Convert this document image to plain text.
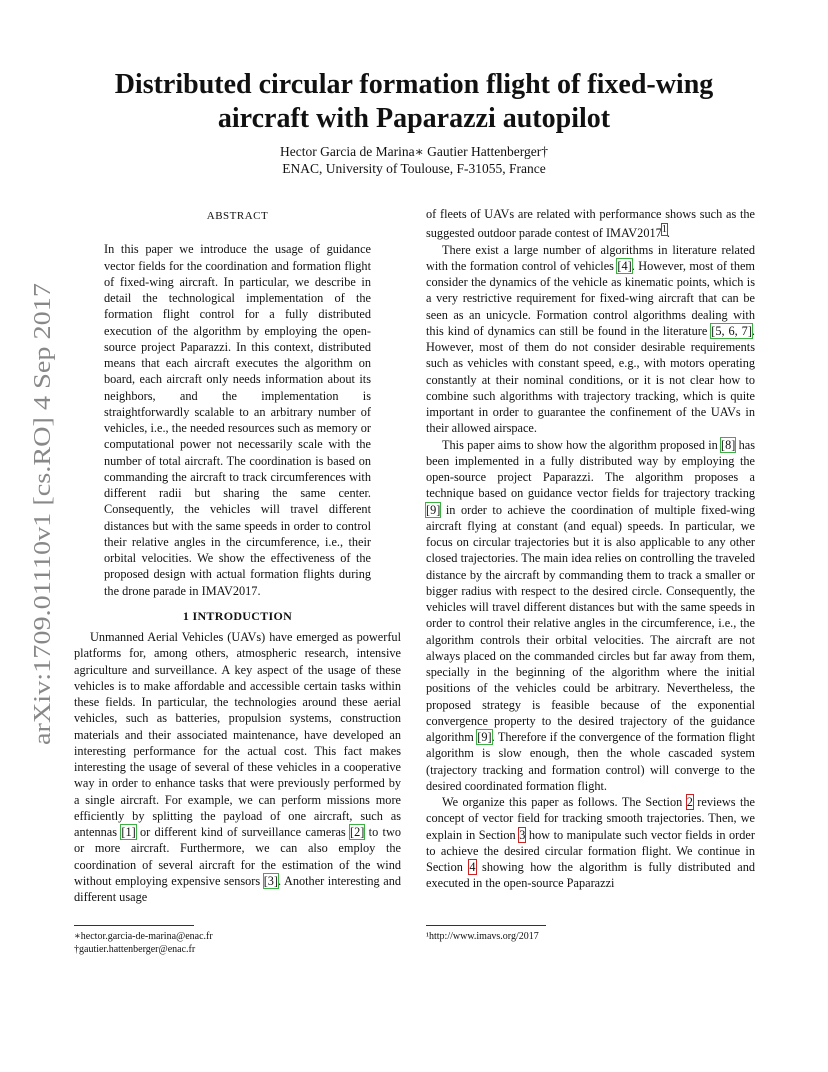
arXiv:1709.01110v1 [cs.RO] 4 Sep 2017
Distributed circular formation flight of fixed-wing
aircraft with Paparazzi autopilot
Hector Garcia de Marina∗ Gautier Hattenberger†
ENAC, University of Toulouse, F-31055, France
ABSTRACT

In this paper we introduce the usage of guidance vector fields for the coordination and formation flight of fixed-wing aircraft. In particular, we describe in detail the technological implementation of the formation flight control for a fully distributed execution of the algorithm by employing the open-source project Paparazzi. In this context, distributed means that each aircraft executes the algorithm on board, each aircraft only needs information about its neighbors, and the implementation is straightforwardly scalable to an arbitrary number of vehicles, i.e., the needed resources such as memory or computational power not necessarily scale with the number of total aircraft. The coordination is based on commanding the aircraft to track circumferences with different radii but sharing the same center. Consequently, the vehicles will travel different distances but with the same speeds in order to control their relative angles in the circumference, i.e., their orbital velocities. We show the effectiveness of the proposed design with actual formation flights during the drone parade in IMAV2017.

1 INTRODUCTION

Unmanned Aerial Vehicles (UAVs) have emerged as powerful platforms for, among others, atmospheric research, intensive agriculture and surveillance. A key aspect of the usage of these vehicles is to make affordable and accessible certain tasks within these fields. In particular, the technologies around these aerial vehicles, such as batteries, propulsion systems, construction materials and their associated maintenance, have developed an interesting performance for the actual cost. This fact makes interesting the usage of several of these vehicles in a cooperative way in order to enhance tasks that were previously performed by a single aircraft. For example, we can perform missions more efficiently by splitting the payload of one aircraft, such as antennas [1] or different kind of surveillance cameras [2] to two or more aircraft. Furthermore, we can also employ the coordination of several aircraft for the estimation of the wind without employing expensive sensors [3]. Another interesting and different usage

of fleets of UAVs are related with performance shows such as the suggested outdoor parade contest of IMAV2017$^1$.

There exist a large number of algorithms in literature related with the formation control of vehicles [4]. However, most of them consider the dynamics of the vehicle as kinematic points, which is a very restrictive requirement for fixed-wing aircraft that can be seen as an unicycle. Formation control algorithms dealing with this kind of dynamics can still be found in the literature [5, 6, 7]. However, most of them do not consider desirable requirements such as vehicles with constant speed, e.g., with motors operating constantly at their nominal conditions, or it is not clear how to combine such algorithms with trajectory tracking, which is quite important in order to guarantee the confinement of the UAVs in their allowed airspace.

This paper aims to show how the algorithm proposed in [8] has been implemented in a fully distributed way by employing the open-source project Paparazzi. The algorithm proposes a technique based on guidance vector fields for trajectory tracking [9] in order to achieve the coordination of multiple fixed-wing aircraft flying at constant (and equal) speeds. In particular, we focus on circular trajectories but it is also applicable to any other closed trajectories. The main idea relies on controlling the traveled distance by the aircraft by commanding them to track a smaller or bigger radius with respect to the desired circle. Consequently, the vehicles will travel different distances but with the same speeds in order to control their relative angles in the circumference, i.e., the algorithm controls their orbital velocities. The aircraft are not always placed on the commanded circles but far away from them, specially in the beginning of the algorithm where the initial positions of the vehicles could be arbitrary. Nevertheless, the proposed strategy is feasible because of the exponential convergence property to the desired trajectory of the guidance algorithm [9]. Therefore if the convergence of the formation flight algorithm is slow enough, then the whole cascaded system (trajectory tracking and formation control) will converge to the desired coordinated formation flight.

We organize this paper as follows. The Section 2 reviews the concept of vector field for tracking smooth trajectories. Then, we explain in Section 3 how to manipulate such vector fields in order to achieve the desired circular formation flight. We continue in Section 4 showing how the algorithm is fully distributed and executed in the open-source Paparazzi

∗hector.garcia-de-marina@enac.fr
†gautier.hattenberger@enac.fr
¹http://www.imavs.org/2017
